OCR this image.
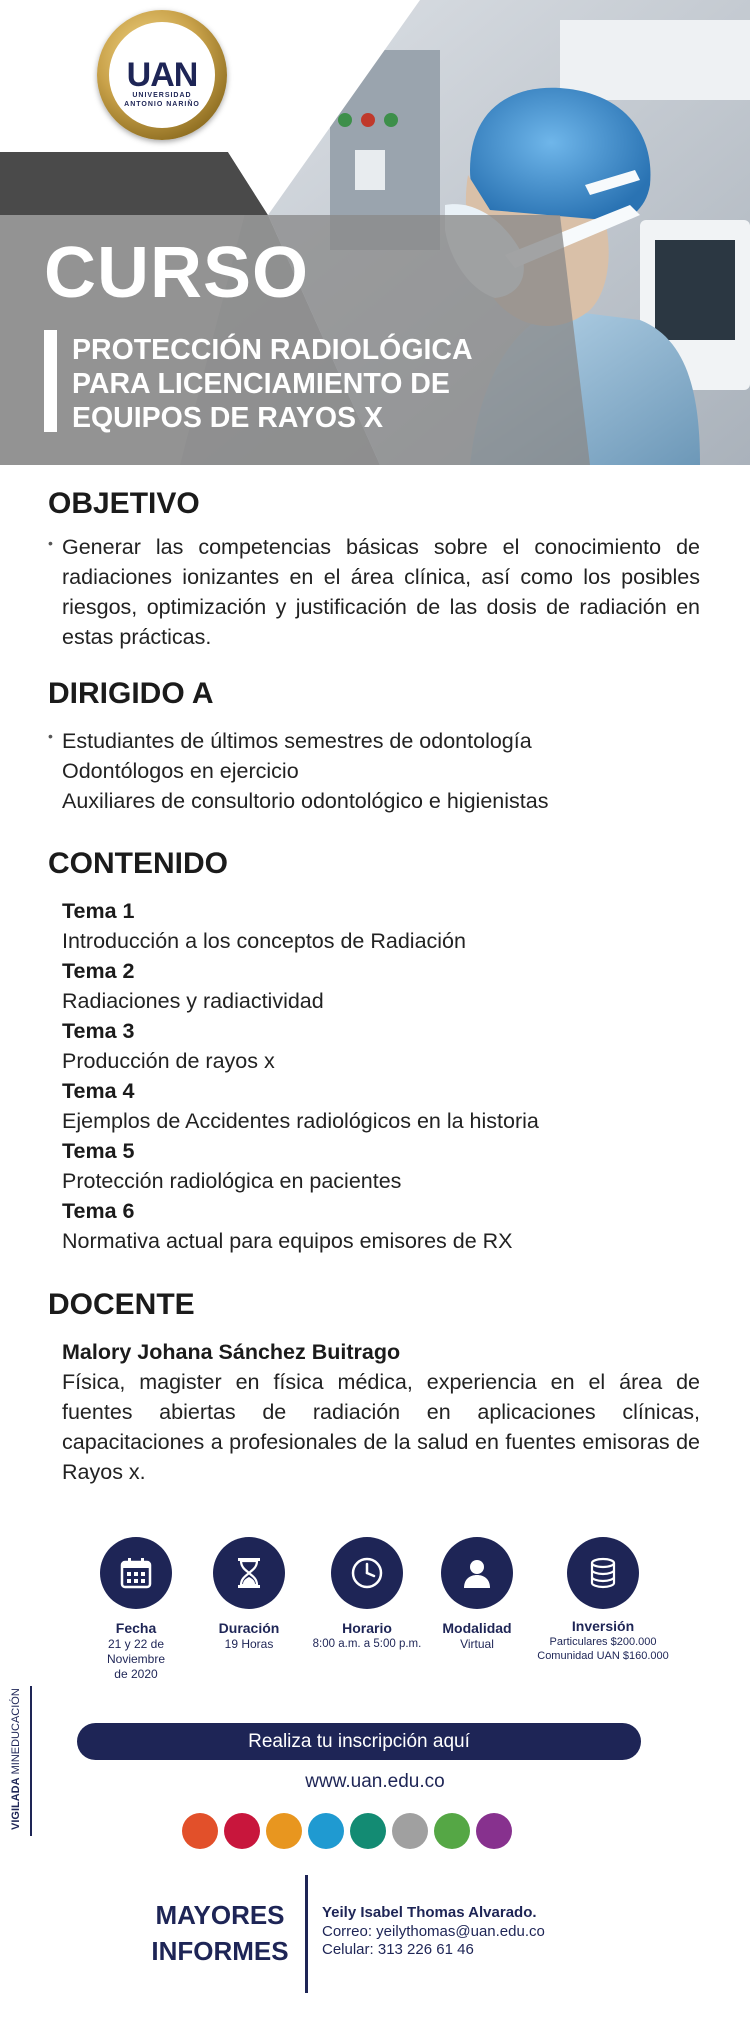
UAN
UNIVERSIDAD
ANTONIO NARIÑO
CURSO
PROTECCIÓN RADIOLÓGICA
PARA LICENCIAMIENTO DE
EQUIPOS DE RAYOS X
OBJETIVO
• Generar las competencias básicas sobre el conocimiento de radiaciones ionizantes en el área clínica, así como los posibles riesgos, optimización y justificación de las dosis de radiación en estas prácticas.
DIRIGIDO A
• Estudiantes de últimos semestres de odontología
Odontólogos en ejercicio
Auxiliares de consultorio odontológico e higienistas
CONTENIDO
Tema 1
Introducción a los conceptos de Radiación
Tema 2
Radiaciones y radiactividad
Tema 3
Producción de rayos x
Tema 4
Ejemplos de Accidentes radiológicos en la historia
Tema 5
Protección radiológica en pacientes
Tema 6
Normativa actual para equipos emisores de RX
DOCENTE
Malory Johana Sánchez Buitrago
Física, magister en física médica, experiencia en el área de fuentes abiertas de radiación en aplicaciones clínicas, capacitaciones a profesionales de la salud en fuentes emisoras de Rayos x.
Fecha
21 y 22 de
Noviembre
de 2020
Duración
19 Horas
Horario
8:00 a.m. a 5:00 p.m.
Modalidad
Virtual
Inversión
Particulares $200.000
Comunidad UAN $160.000
VIGILADA MINEDUCACIÓN	Realiza tu inscripción aquí
www.uan.edu.co
MAYORES
INFORMES
Yeily Isabel Thomas Alvarado.
Correo: yeilythomas@uan.edu.co
Celular: 313 226 61 46
